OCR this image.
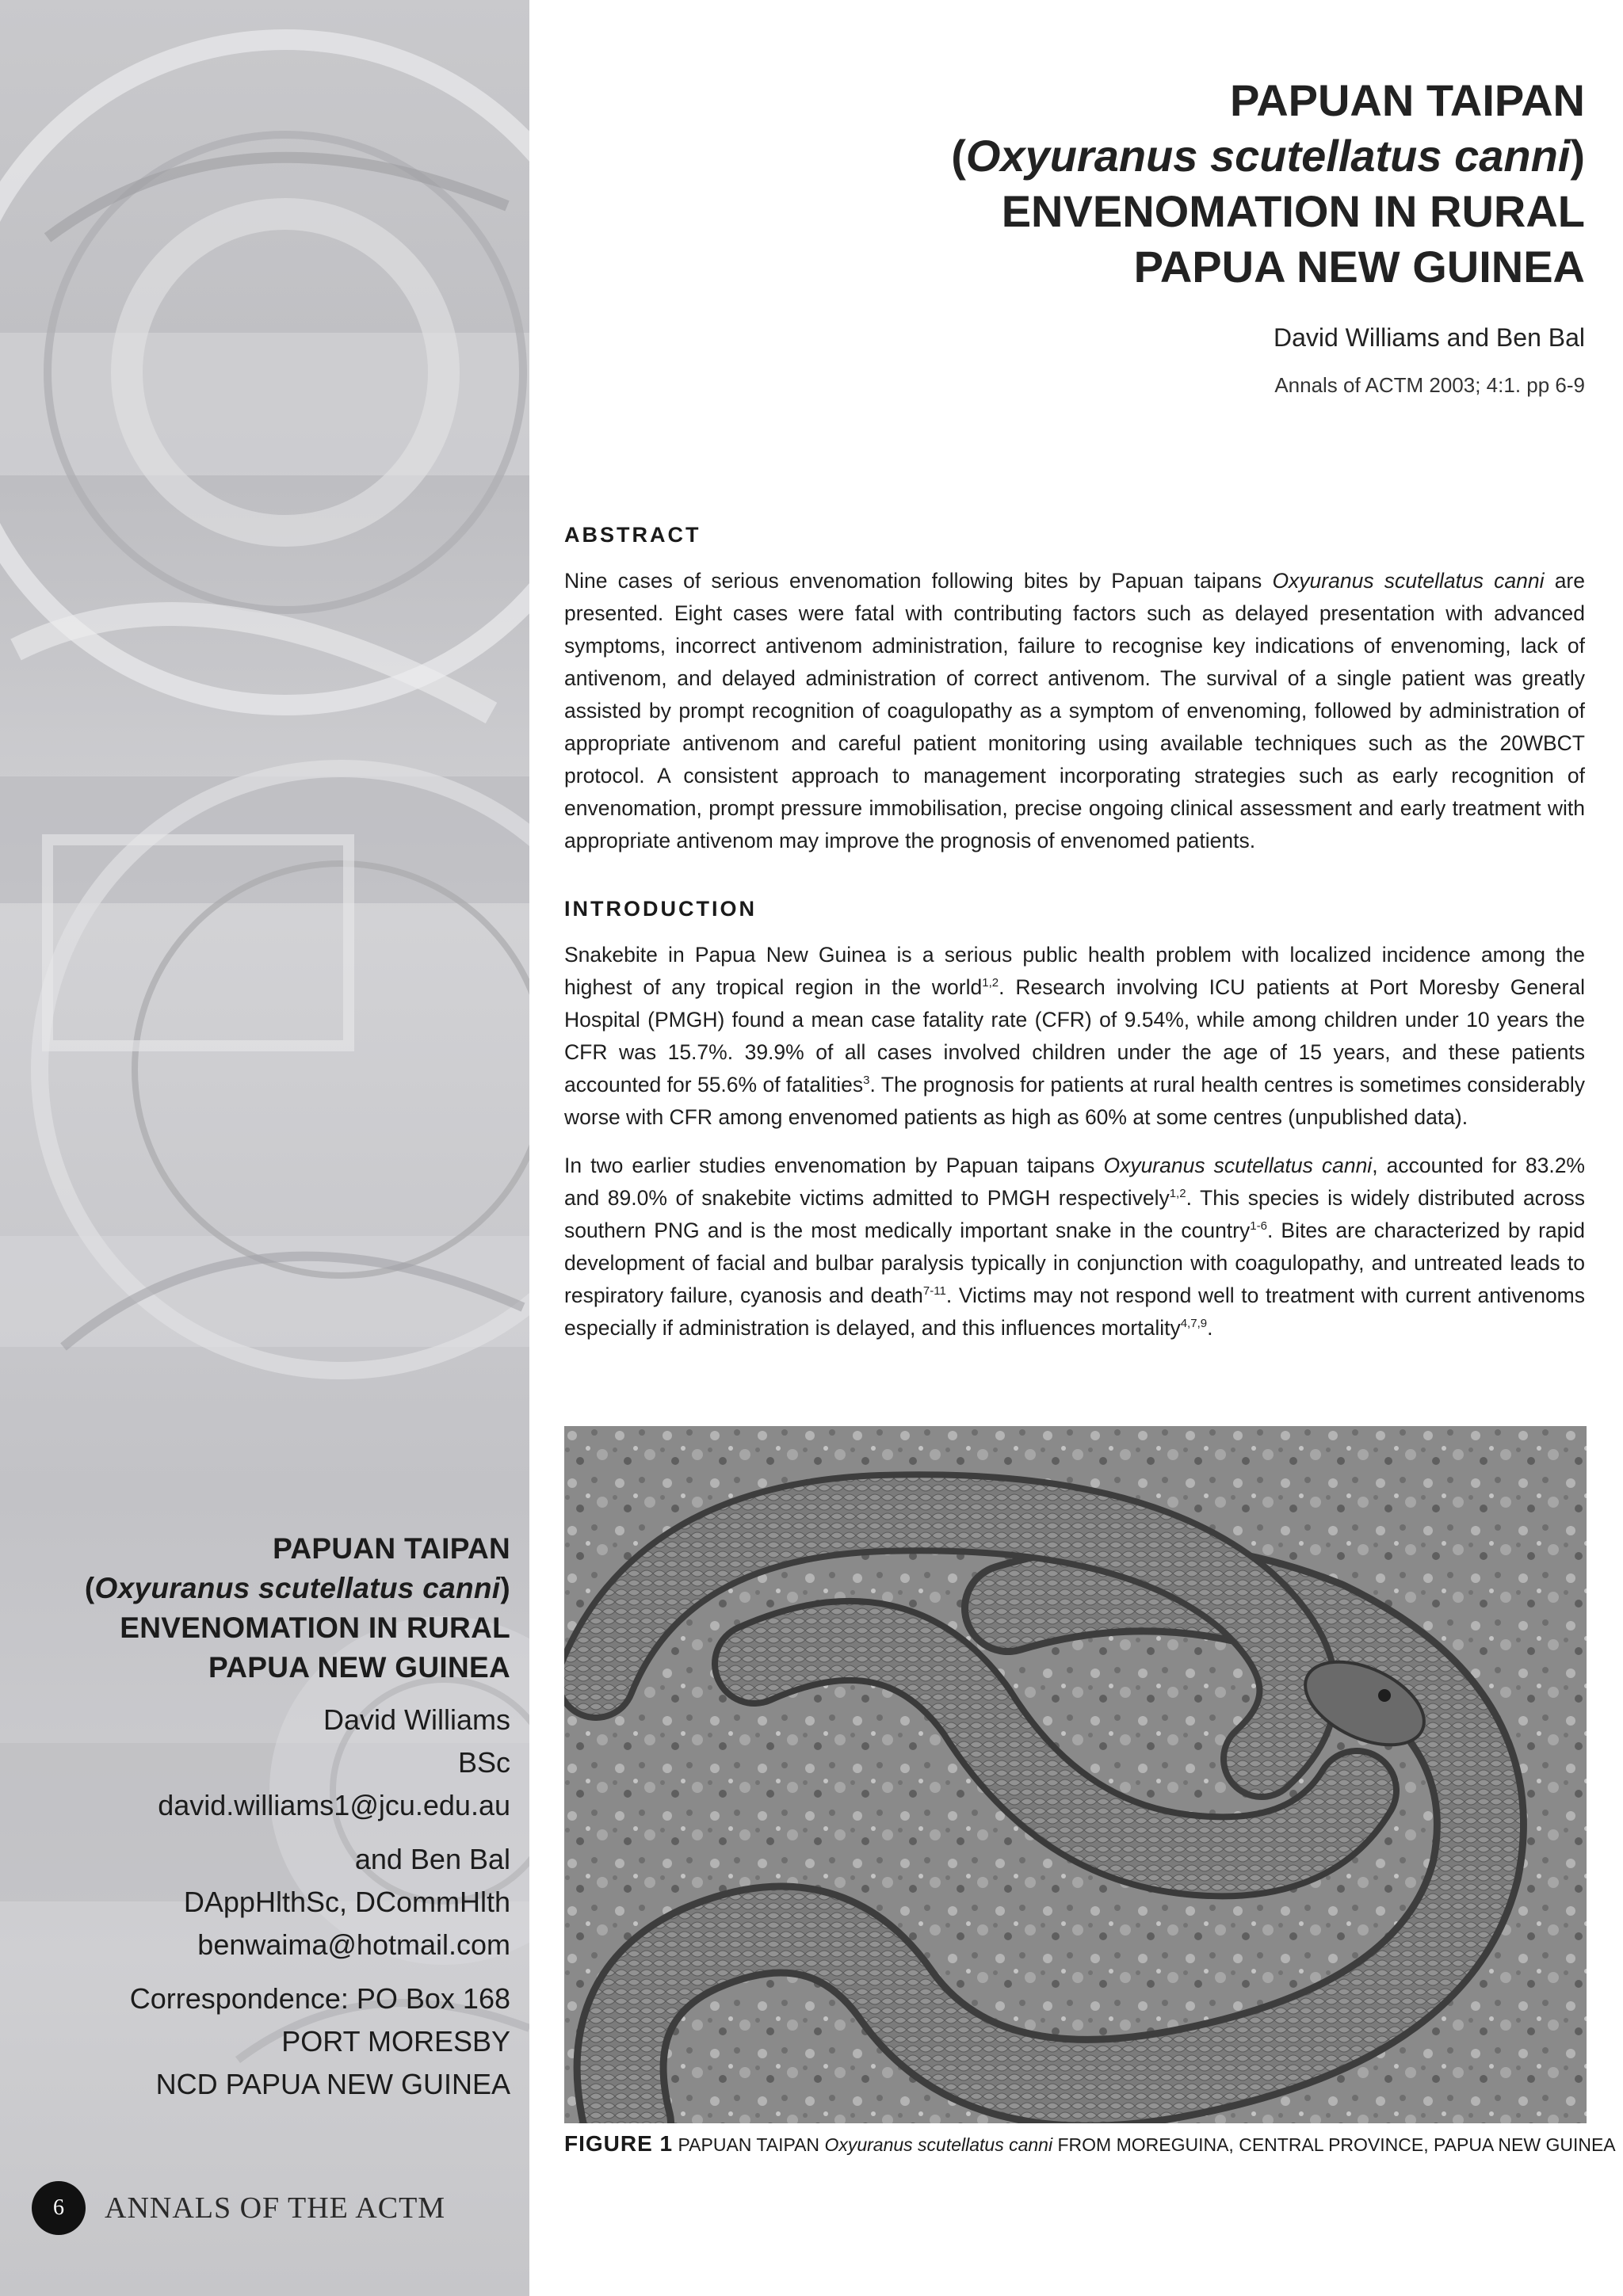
PAPUAN TAIPAN
(Oxyuranus scutellatus canni)
ENVENOMATION IN RURAL
PAPUA NEW GUINEA
David Williams
BSc
david.williams1@jcu.edu.au
and Ben Bal
DAppHlthSc, DCommHlth
benwaima@hotmail.com
Correspondence: PO Box 168
PORT MORESBY
NCD PAPUA NEW GUINEA
6	ANNALS OF THE ACTM
PAPUAN TAIPAN
(Oxyuranus scutellatus canni)
ENVENOMATION IN RURAL
PAPUA NEW GUINEA
David Williams and Ben Bal
Annals of ACTM 2003; 4:1. pp 6-9
ABSTRACT

Nine cases of serious envenomation following bites by Papuan taipans Oxyuranus scutellatus canni are presented. Eight cases were fatal with contributing factors such as delayed presentation with advanced symptoms, incorrect antivenom administration, failure to recognise key indications of envenoming, lack of antivenom, and delayed administration of correct antivenom. The survival of a single patient was greatly assisted by prompt recognition of coagulopathy as a symptom of envenoming, followed by administration of appropriate antivenom and careful patient monitoring using available techniques such as the 20WBCT protocol. A consistent approach to management incorporating strategies such as early recognition of envenomation, prompt pressure immobilisation, precise ongoing clinical assessment and early treatment with appropriate antivenom may improve the prognosis of envenomed patients.

INTRODUCTION

Snakebite in Papua New Guinea is a serious public health problem with localized incidence among the highest of any tropical region in the world$^{1,2}$. Research involving ICU patients at Port Moresby General Hospital (PMGH) found a mean case fatality rate (CFR) of 9.54%, while among children under 10 years the CFR was 15.7%. 39.9% of all cases involved children under the age of 15 years, and these patients accounted for 55.6% of fatalities$^3$. The prognosis for patients at rural health centres is sometimes considerably worse with CFR among envenomed patients as high as 60% at some centres (unpublished data).

In two earlier studies envenomation by Papuan taipans Oxyuranus scutellatus canni, accounted for 83.2% and 89.0% of snakebite victims admitted to PMGH respectively$^{1,2}$. This species is widely distributed across southern PNG and is the most medically important snake in the country$^{1-6}$. Bites are characterized by rapid development of facial and bulbar paralysis typically in conjunction with coagulopathy, and untreated leads to respiratory failure, cyanosis and death$^{7-11}$. Victims may not respond well to treatment with current antivenoms especially if administration is delayed, and this influences mortality$^{4,7,9}$.

FIGURE 1 PAPUAN TAIPAN Oxyuranus scutellatus canni FROM MOREGUINA, CENTRAL PROVINCE, PAPUA NEW GUINEA
